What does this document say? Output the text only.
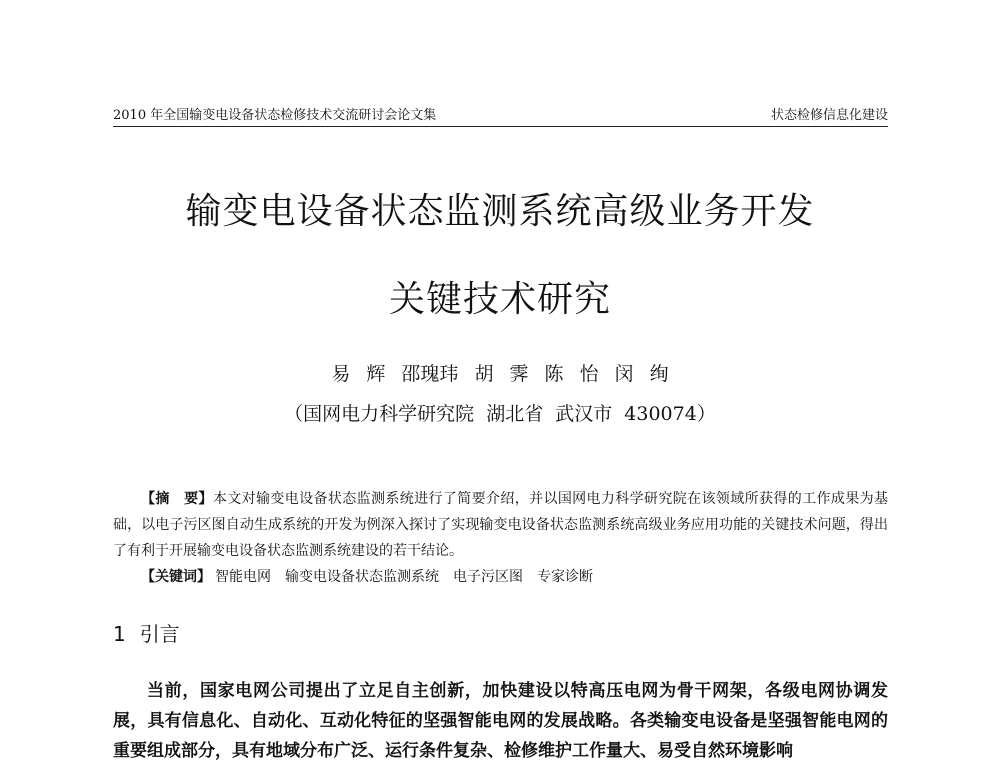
2010 年全国输变电设备状态检修技术交流研讨会论文集	状态检修信息化建设
输变电设备状态监测系统高级业务开发
关键技术研究
易 辉 邵瑰玮 胡 霁 陈 怡 闵 绚
（国网电力科学研究院 湖北省 武汉市 430074）

【摘　要】本文对输变电设备状态监测系统进行了简要介绍，并以国网电力科学研究院在该领域所获得的工作成果为基础，以电子污区图自动生成系统的开发为例深入探讨了实现输变电设备状态监测系统高级业务应用功能的关键技术问题，得出了有利于开展输变电设备状态监测系统建设的若干结论。

【关键词】 智能电网 输变电设备状态监测系统 电子污区图 专家诊断

1 引言

当前，国家电网公司提出了立足自主创新，加快建设以特高压电网为骨干网架，各级电网协调发展，具有信息化、自动化、互动化特征的坚强智能电网的发展战略。各类输变电设备是坚强智能电网的重要组成部分，具有地域分布广泛、运行条件复杂、检修维护工作量大、易受自然环境影响
